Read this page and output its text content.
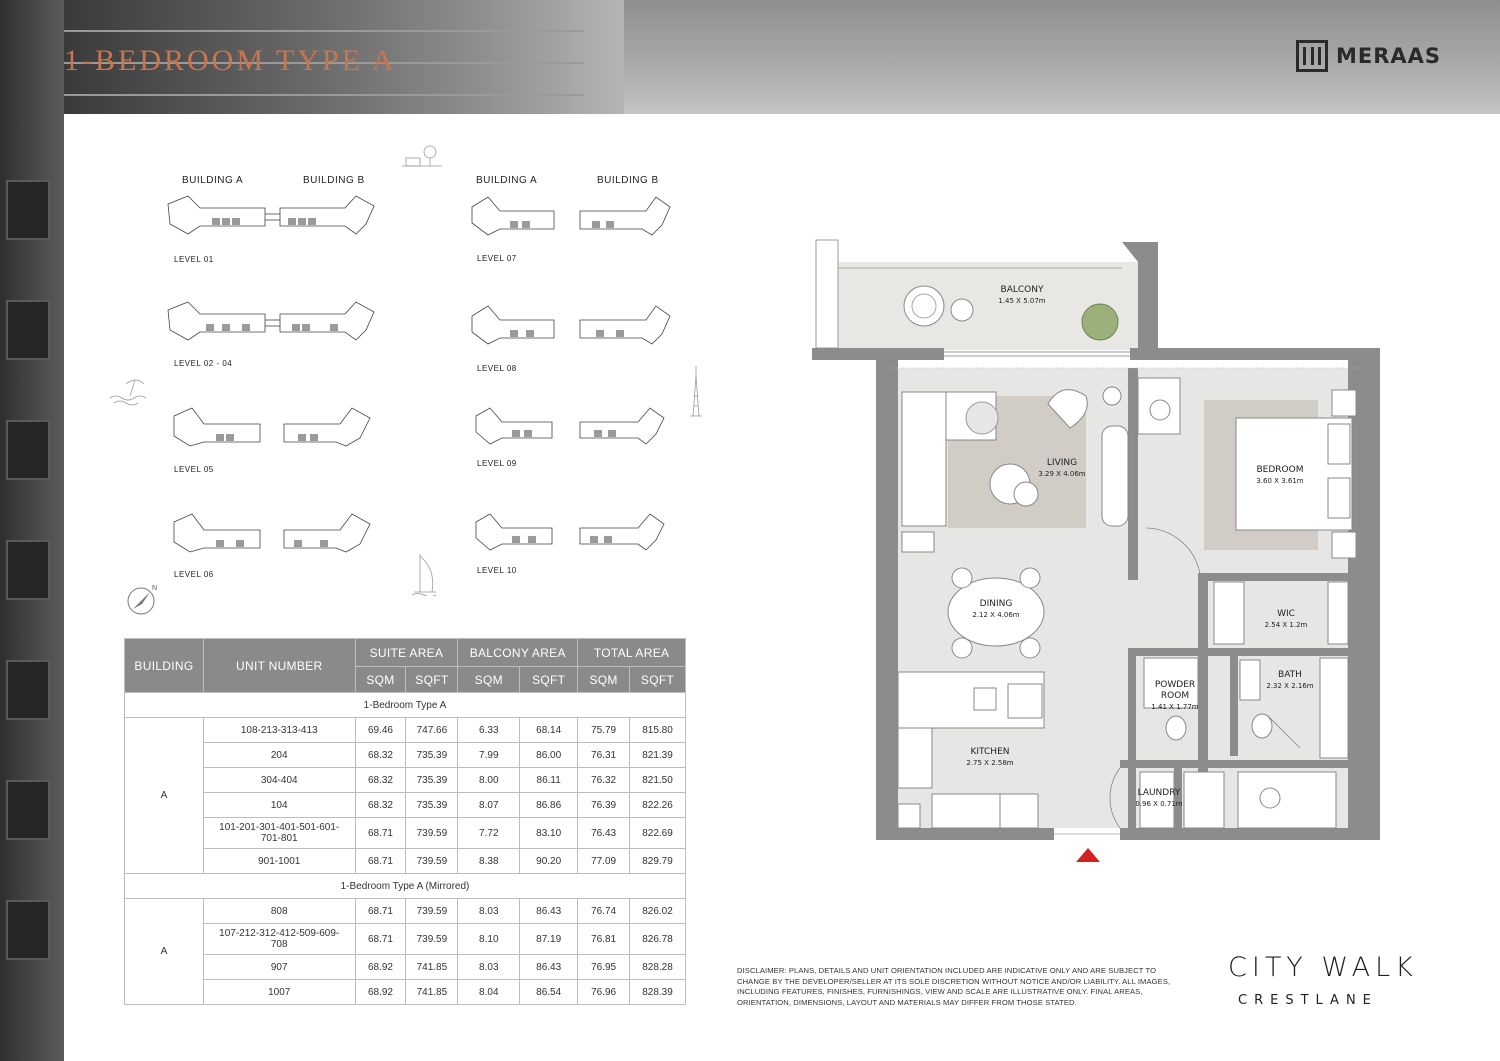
1-BEDROOM TYPE A	MERAAS
BUILDING A	BUILDING B	BUILDING A	BUILDING B
LEVEL 01
LEVEL 02 - 04
LEVEL 05
LEVEL 06
LEVEL 07
LEVEL 08
LEVEL 09
LEVEL 10
N
BUILDING	UNIT NUMBER	SUITE AREA		BALCONY AREA		TOTAL AREA	
		SQM	SQFT	SQM	SQFT	SQM	SQFT
1-Bedroom Type A							
A	108-213-313-413	69.46	747.66	6.33	68.14	75.79	815.80
	204	68.32	735.39	7.99	86.00	76.31	821.39
	304-404	68.32	735.39	8.00	86.11	76.32	821.50
	104	68.32	735.39	8.07	86.86	76.39	822.26
	101-201-301-401-501-601-701-801	68.71	739.59	7.72	83.10	76.43	822.69
	901-1001	68.71	739.59	8.38	90.20	77.09	829.79
1-Bedroom Type A (Mirrored)							
A	808	68.71	739.59	8.03	86.43	76.74	826.02
	107-212-312-412-509-609-708	68.71	739.59	8.10	87.19	76.81	826.78
	907	68.92	741.85	8.03	86.43	76.95	828.28
	1007	68.92	741.85	8.04	86.54	76.96	828.39
BALCONY
1.45 X 5.07m
LIVING
3.29 X 4.06m	BEDROOM
3.60 X 3.61m
DINING
2.12 X 4.06m	WIC
2.54 X 1.2m
POWDER ROOM
1.41 X 1.77m
BATH
2.32 X 2.16m
KITCHEN
2.75 X 2.58m
LAUNDRY
0.96 X 0.71m
DISCLAIMER: PLANS, DETAILS AND UNIT ORIENTATION INCLUDED ARE INDICATIVE ONLY AND ARE SUBJECT TO CHANGE BY THE DEVELOPER/SELLER AT ITS SOLE DISCRETION WITHOUT NOTICE AND/OR LIABILITY. ALL IMAGES, INCLUDING FEATURES, FINISHES, FURNISHINGS, VIEW AND SCALE ARE ILLUSTRATIVE ONLY. FINAL AREAS, ORIENTATION, DIMENSIONS, LAYOUT AND MATERIALS MAY DIFFER FROM THOSE STATED.
CITY WALK
CRESTLANE
